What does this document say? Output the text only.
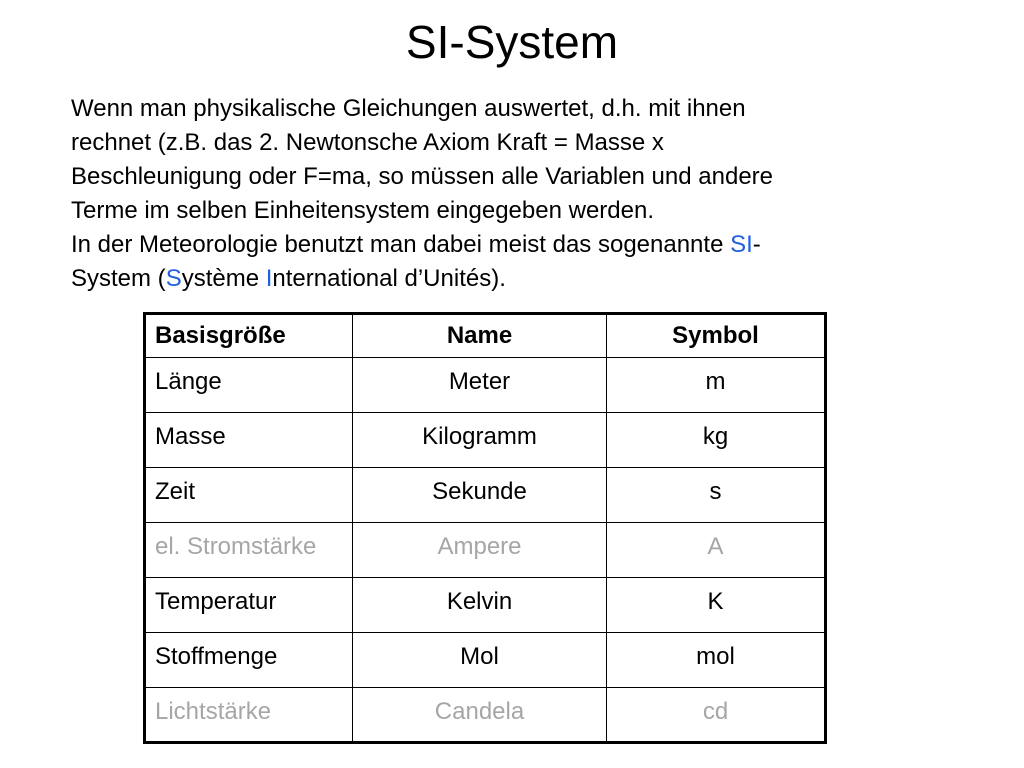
SI-System

Wenn man physikalische Gleichungen auswertet, d.h. mit ihnen

rechnet (z.B. das 2. Newtonsche Axiom Kraft = Masse x

Beschleunigung oder F=ma, so müssen alle Variablen und andere

Terme im selben Einheitensystem eingegeben werden.

In der Meteorologie benutzt man dabei meist das sogenannte SI-

System (Système International d’Unités).

Basisgröße	Name	Symbol
Länge	Meter	m
Masse	Kilogramm	kg
Zeit	Sekunde	s
el. Stromstärke	Ampere	A
Temperatur	Kelvin	K
Stoffmenge	Mol	mol
Lichtstärke	Candela	cd
